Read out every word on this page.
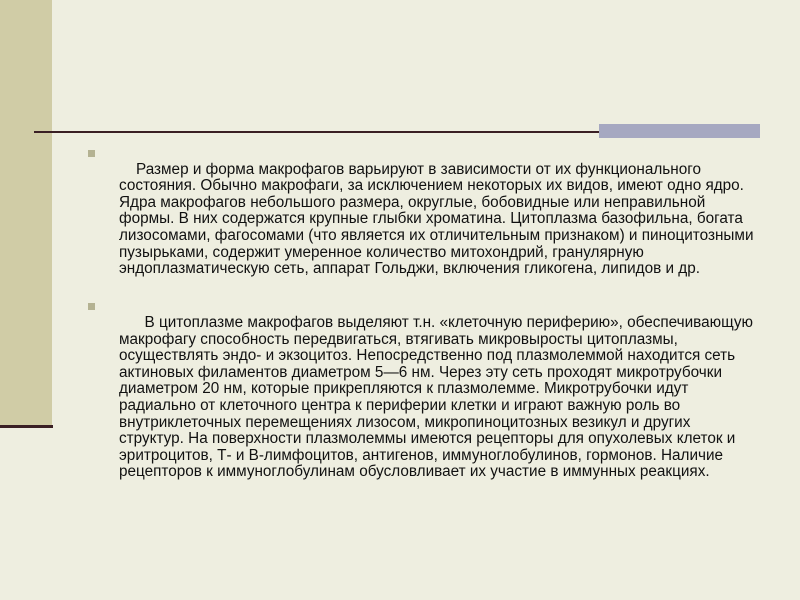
Размер и форма макрофагов варьируют в зависимости от их функционального состояния. Обычно макрофаги, за исключением некоторых их видов, имеют одно ядро. Ядра макрофагов небольшого размера, округлые, бобовидные или неправильной формы. В них содержатся крупные глыбки хроматина. Цитоплазма базофильна, богата лизосомами, фагосомами (что является их отличительным признаком) и пиноцитозными пузырьками, содержит умеренное количество митохондрий, гранулярную эндоплазматическую сеть, аппарат Гольджи, включения гликогена, липидов и др.

В цитоплазме макрофагов выделяют т.н. «клеточную периферию», обеспечивающую макрофагу способность передвигаться, втягивать микровыросты цитоплазмы, осуществлять эндо- и экзоцитоз. Непосредственно под плазмолеммой находится сеть актиновых филаментов диаметром 5—6 нм. Через эту сеть проходят микротрубочки диаметром 20 нм, которые прикрепляются к плазмолемме. Микротрубочки идут радиально от клеточного центра к периферии клетки и играют важную роль во внутриклеточных перемещениях лизосом, микропиноцитозных везикул и других структур. На поверхности плазмолеммы имеются рецепторы для опухолевых клеток и эритроцитов, Т- и В-лимфоцитов, антигенов, иммуноглобулинов, гормонов. Наличие рецепторов к иммуноглобулинам обусловливает их участие в иммунных реакциях.
